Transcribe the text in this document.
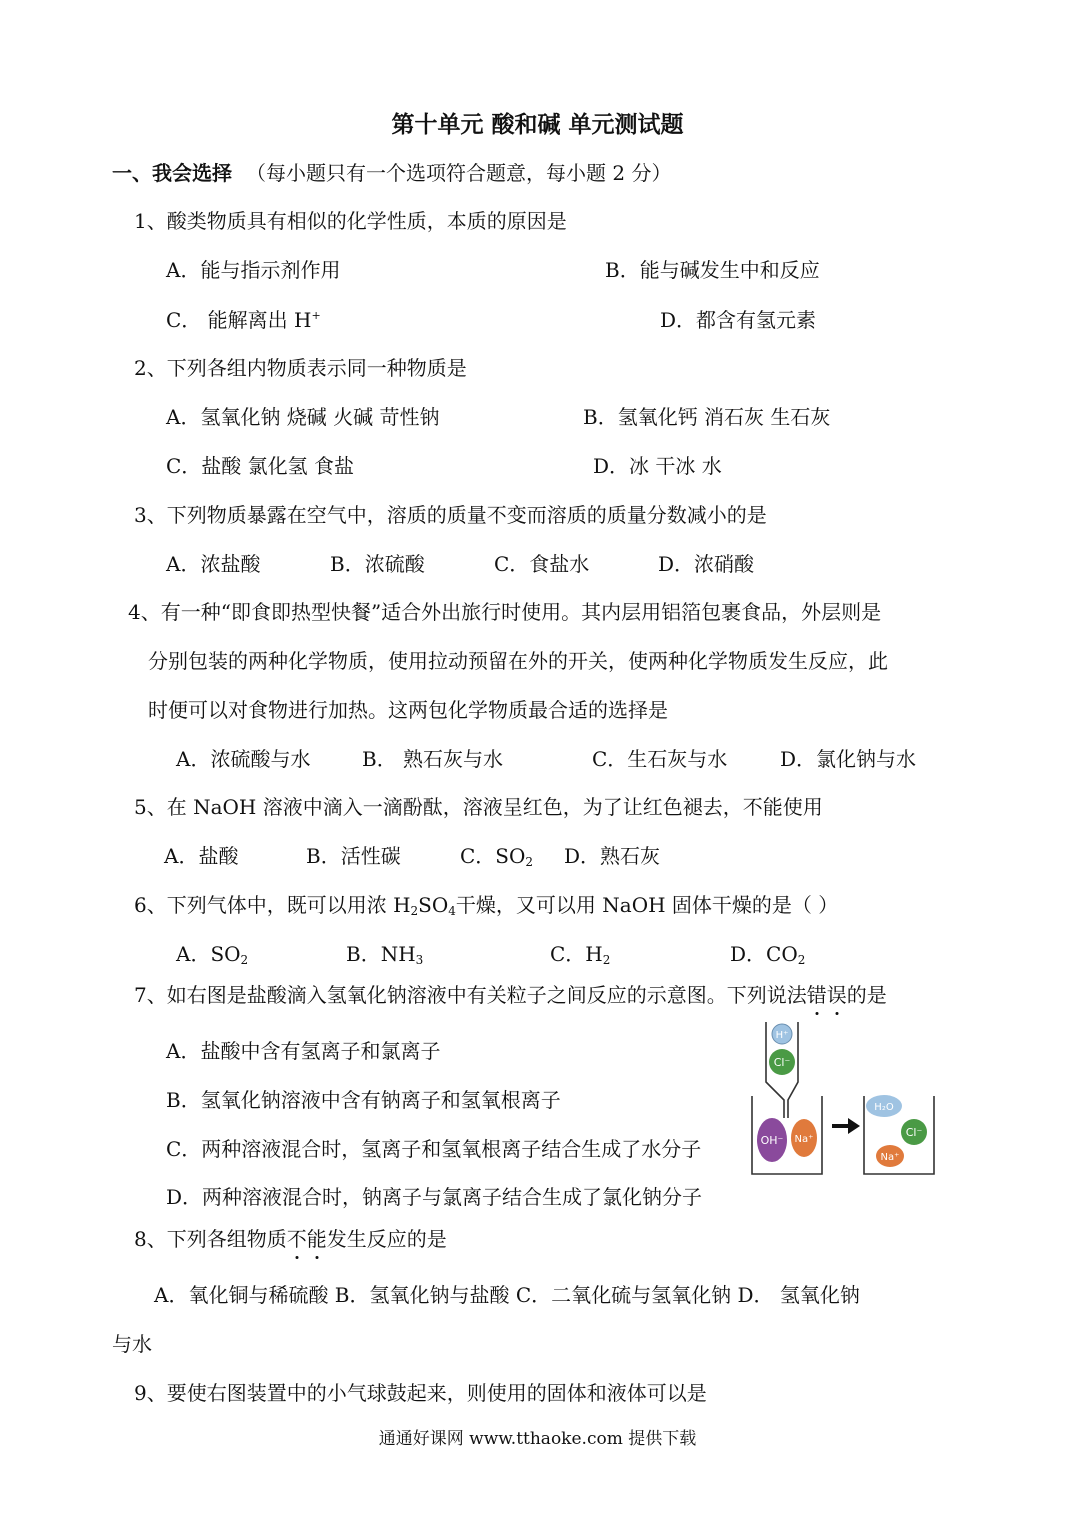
第十单元 酸和碱 单元测试题
一、我会选择 （每小题只有一个选项符合题意，每小题 2 分）
1、酸类物质具有相似的化学性质，本质的原因是
A．能与指示剂作用	B．能与碱发生中和反应
C． 能解离出 H+	D．都含有氢元素
2、下列各组内物质表示同一种物质是
A．氢氧化钠 烧碱 火碱 苛性钠	B．氢氧化钙 消石灰 生石灰
C．盐酸 氯化氢 食盐	D．冰 干冰 水
3、下列物质暴露在空气中，溶质的质量不变而溶质的质量分数减小的是
A．浓盐酸	B．浓硫酸	C．食盐水	D．浓硝酸
4、有一种“即食即热型快餐”适合外出旅行时使用。其内层用铝箔包裹食品，外层则是
分别包装的两种化学物质，使用拉动预留在外的开关，使两种化学物质发生反应，此
时便可以对食物进行加热。这两包化学物质最合适的选择是
A．浓硫酸与水	B． 熟石灰与水	C．生石灰与水	D．氯化钠与水
5、在 NaOH 溶液中滴入一滴酚酞，溶液呈红色，为了让红色褪去，不能使用
A．盐酸	B．活性碳	C．$SO_2$ D．熟石灰
6、下列气体中，既可以用浓 $H_2SO_4$干燥，又可以用 NaOH 固体干燥的是（ ）
A．$SO_2$	B．$NH_3$	C．$H_2$	D．$CO_2$
7、如右图是盐酸滴入氢氧化钠溶液中有关粒子之间反应的示意图。下列说法错误的是
A．盐酸中含有氢离子和氯离子
B．氢氧化钠溶液中含有钠离子和氢氧根离子
C．两种溶液混合时，氢离子和氢氧根离子结合生成了水分子
D．两种溶液混合时，钠离子与氯离子结合生成了氯化钠分子
H⁺
Cl⁻
OH⁻ Na⁺
H₂O
Cl⁻
Na⁺
8、下列各组物质不能发生反应的是
A．氧化铜与稀硫酸 B．氢氧化钠与盐酸 C．二氧化硫与氢氧化钠 D． 氢氧化钠
与水
9、要使右图装置中的小气球鼓起来，则使用的固体和液体可以是
通通好课网 www.tthaoke.com 提供下载
